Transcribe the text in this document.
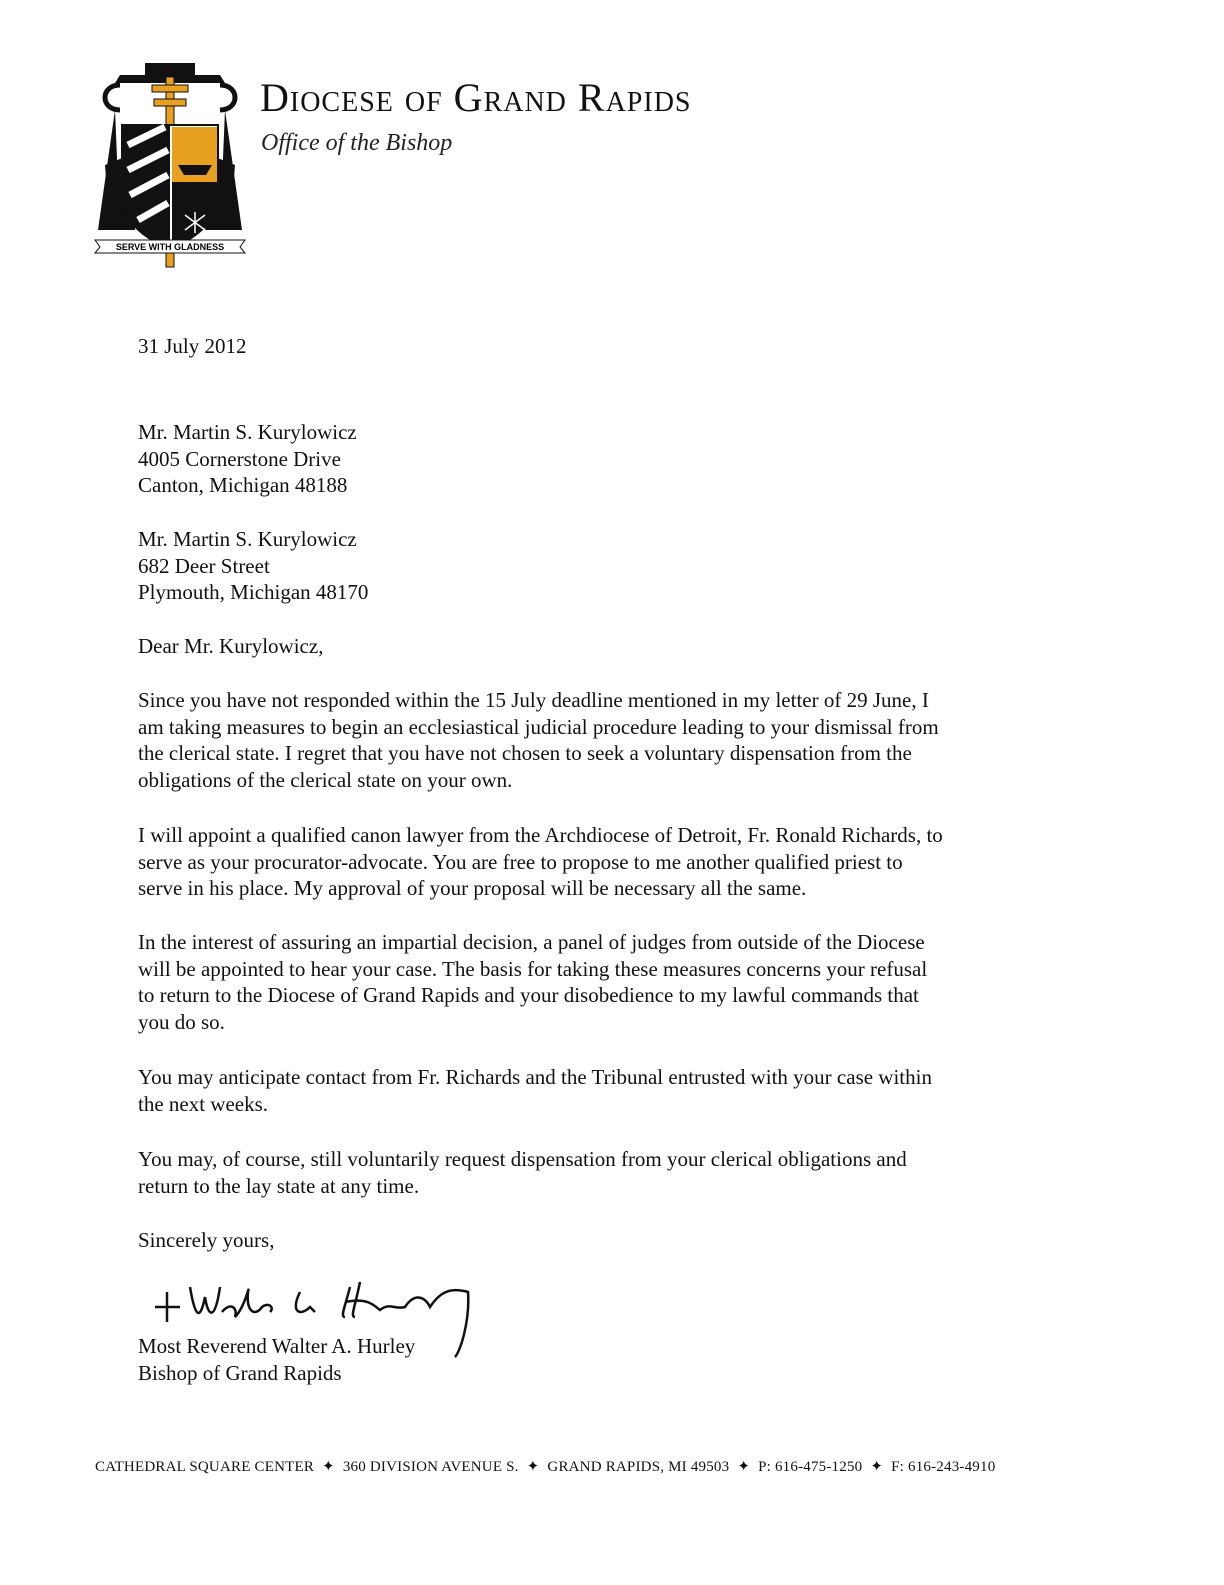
SERVE WITH GLADNESS
Diocese of Grand Rapids
Office of the Bishop
31 July 2012
Mr. Martin S. Kurylowicz
4005 Cornerstone Drive
Canton, Michigan 48188
Mr. Martin S. Kurylowicz
682 Deer Street
Plymouth, Michigan 48170
Dear Mr. Kurylowicz,
Since you have not responded within the 15 July deadline mentioned in my letter of 29 June, I
am taking measures to begin an ecclesiastical judicial procedure leading to your dismissal from
the clerical state. I regret that you have not chosen to seek a voluntary dispensation from the
obligations of the clerical state on your own.
I will appoint a qualified canon lawyer from the Archdiocese of Detroit, Fr. Ronald Richards, to
serve as your procurator-advocate. You are free to propose to me another qualified priest to
serve in his place. My approval of your proposal will be necessary all the same.
In the interest of assuring an impartial decision, a panel of judges from outside of the Diocese
will be appointed to hear your case. The basis for taking these measures concerns your refusal
to return to the Diocese of Grand Rapids and your disobedience to my lawful commands that
you do so.
You may anticipate contact from Fr. Richards and the Tribunal entrusted with your case within
the next weeks.
You may, of course, still voluntarily request dispensation from your clerical obligations and
return to the lay state at any time.
Sincerely yours,
Most Reverend Walter A. Hurley
Bishop of Grand Rapids
CATHEDRAL SQUARE CENTER ✦ 360 DIVISION AVENUE S. ✦ GRAND RAPIDS, MI 49503 ✦ P: 616-475-1250 ✦ F: 616-243-4910
